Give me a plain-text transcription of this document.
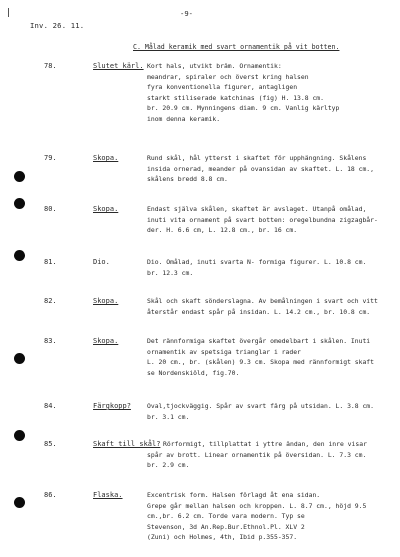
-9-
Inv. 26. 11.
C. Målad keramik med svart ornamentik på vit botten.
78.	Slutet kärl. Kort hals, utvikt bräm. Ornamentik:
meandrar, spiraler och överst kring halsen
fyra konventionella figurer, antagligen
starkt stiliserade katchinas (fig) H. 13.8 cm.
br. 20.9 cm. Mynningens diam. 9 cm. Vanlig kärltyp
inom denna keramik.
79.	Skopa.	Rund skål, hål ytterst i skaftet för upphängning. Skålens
insida ornerad, meander på ovansidan av skaftet. L. 18 cm.,
skålens bredd 8.8 cm.
80.	Skopa.	Endast själva skålen, skaftet är avslaget. Utanpå omålad,
inuti vita ornament på svart botten: oregelbundna zigzagbår-
der. H. 6.6 cm, L. 12.8 cm., br. 16 cm.
81.	Dio.	Dio. Omålad, inuti svarta N- formiga figurer. L. 10.8 cm.
br. 12.3 cm.
82.	Skopa.	Skål och skaft sönderslagna. Av bemålningen i svart och vitt
återstår endast spår på insidan. L. 14.2 cm., br. 10.8 cm.
83.	Skopa.	Det rännformiga skaftet övergår omedelbart i skålen. Inuti
ornamentik av spetsiga trianglar i rader
L. 20 cm., br. (skålen) 9.3 cm. Skopa med rännformigt skaft
se Nordenskiöld, fig.70.
84.	Färgkopp?	Oval,tjockväggig. Spår av svart färg på utsidan. L. 3.8 cm.
br. 3.1 cm.
85.	Skaft till skål? Rörformigt, tillplattat i yttre ändan, den inre visar
spår av brott. Linear ornamentik på översidan. L. 7.3 cm.
br. 2.9 cm.
86.	Flaska.	Excentrisk form. Halsen förlagd åt ena sidan.
Grepe går mellan halsen och kroppen. L. 8.7 cm., höjd 9.5
cm.,br. 6.2 cm. Torde vara modern. Typ se
Stevenson, 3d An.Rep.Bur.Ethnol.Pl. XLV 2
(Zuni) och Holmes, 4th, Ibid p.355-357.
